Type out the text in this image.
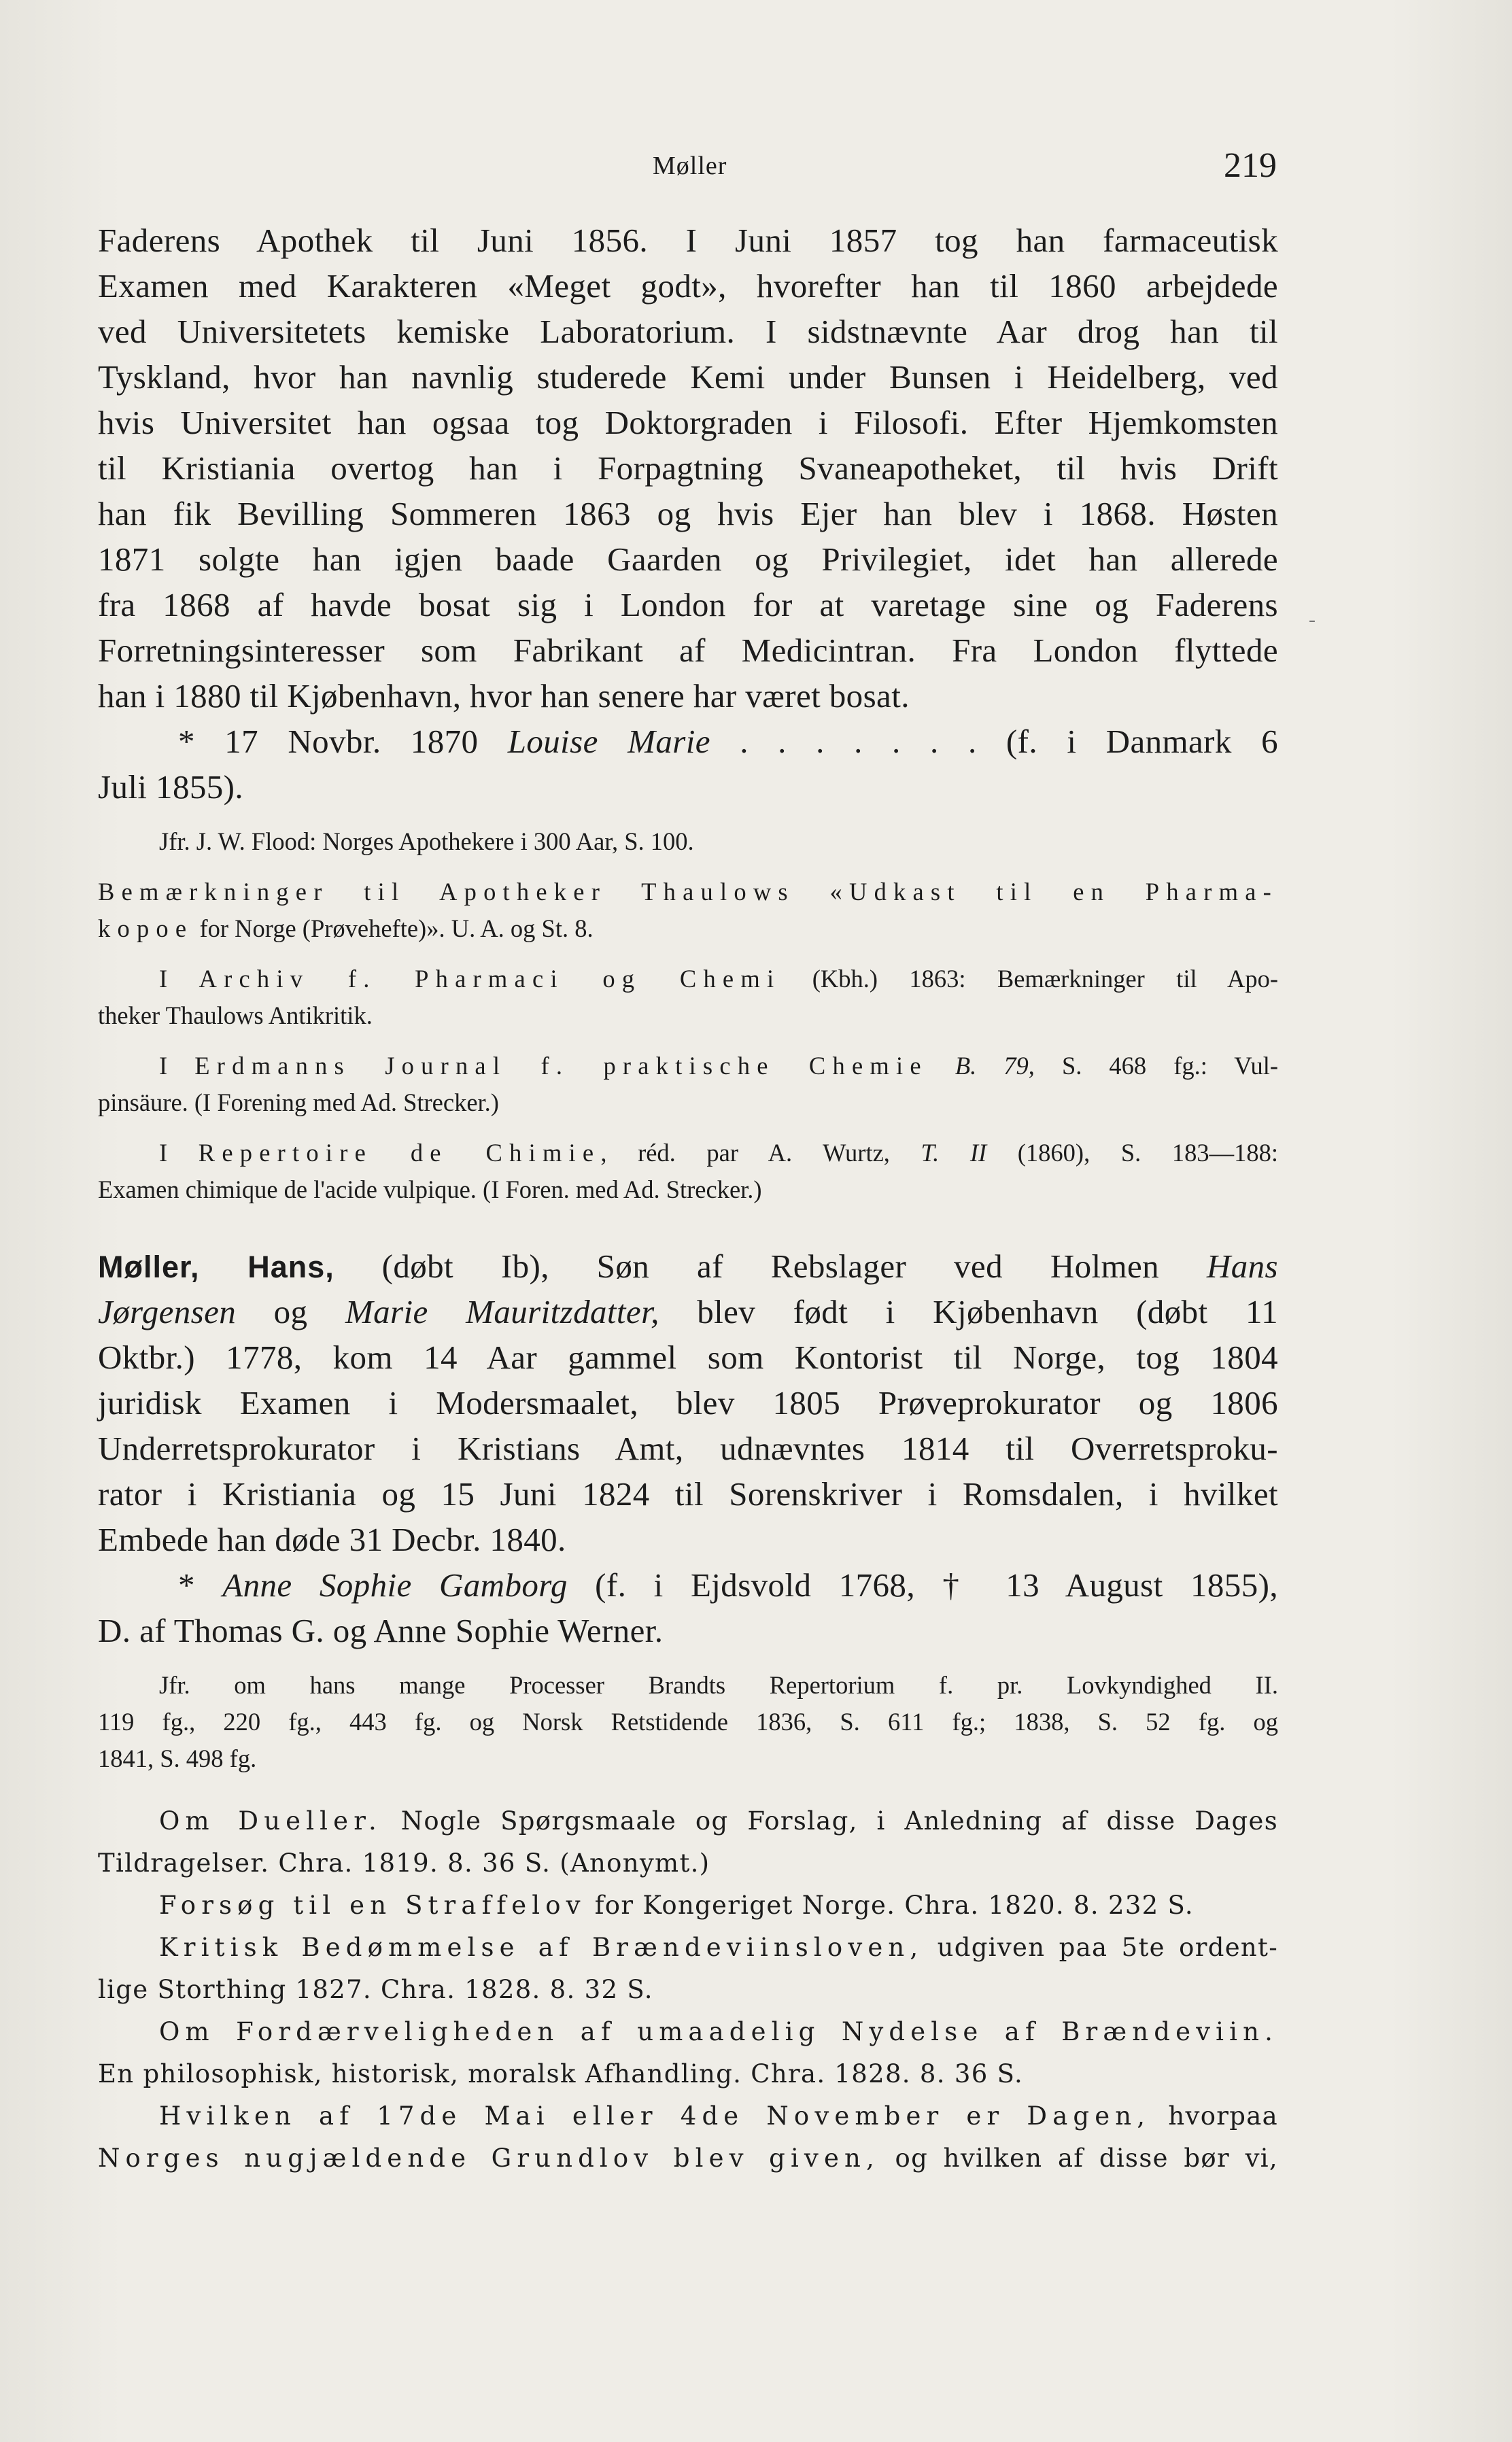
Møller	219
-
Faderens Apothek til Juni 1856. I Juni 1857 tog han farmaceutisk
Examen med Karakteren «Meget godt», hvorefter han til 1860 arbejdede
ved Universitetets kemiske Laboratorium. I sidstnævnte Aar drog han til
Tyskland, hvor han navnlig studerede Kemi under Bunsen i Heidelberg, ved
hvis Universitet han ogsaa tog Doktorgraden i Filosofi. Efter Hjemkomsten
til Kristiania overtog han i Forpagtning Svaneapotheket, til hvis Drift
han fik Bevilling Sommeren 1863 og hvis Ejer han blev i 1868. Høsten
1871 solgte han igjen baade Gaarden og Privilegiet, idet han allerede
fra 1868 af havde bosat sig i London for at varetage sine og Faderens
Forretningsinteresser som Fabrikant af Medicintran. Fra London flyttede
han i 1880 til Kjøbenhavn, hvor han senere har været bosat.
* 17 Novbr. 1870 Louise Marie . . . . . . . (f. i Danmark 6
Juli 1855).
Jfr. J. W. Flood: Norges Apothekere i 300 Aar, S. 100.
Bemærkninger til Apotheker Thaulows «Udkast til en Pharma-
kopoe for Norge (Prøvehefte)». U. A. og St. 8.
I Archiv f. Pharmaci og Chemi (Kbh.) 1863: Bemærkninger til Apo-
theker Thaulows Antikritik.
I Erdmanns Journal f. praktische Chemie B. 79, S. 468 fg.: Vul-
pinsäure. (I Forening med Ad. Strecker.)
I Repertoire de Chimie, réd. par A. Wurtz, T. II (1860), S. 183—188:
Examen chimique de l'acide vulpique. (I Foren. med Ad. Strecker.)
Møller, Hans, (døbt Ib), Søn af Rebslager ved Holmen Hans
Jørgensen og Marie Mauritzdatter, blev født i Kjøbenhavn (døbt 11
Oktbr.) 1778, kom 14 Aar gammel som Kontorist til Norge, tog 1804
juridisk Examen i Modersmaalet, blev 1805 Prøveprokurator og 1806
Underretsprokurator i Kristians Amt, udnævntes 1814 til Overretsproku-
rator i Kristiania og 15 Juni 1824 til Sorenskriver i Romsdalen, i hvilket
Embede han døde 31 Decbr. 1840.
* Anne Sophie Gamborg (f. i Ejdsvold 1768, † 13 August 1855),
D. af Thomas G. og Anne Sophie Werner.
Jfr. om hans mange Processer Brandts Repertorium f. pr. Lovkyndighed II.
119 fg., 220 fg., 443 fg. og Norsk Retstidende 1836, S. 611 fg.; 1838, S. 52 fg. og
1841, S. 498 fg.
Om Dueller. Nogle Spørgsmaale og Forslag, i Anledning af disse Dages
Tildragelser. Chra. 1819. 8. 36 S. (Anonymt.)
Forsøg til en Straffelov for Kongeriget Norge. Chra. 1820. 8. 232 S.
Kritisk Bedømmelse af Brændeviinsloven, udgiven paa 5te ordent-
lige Storthing 1827. Chra. 1828. 8. 32 S.
Om Fordærveligheden af umaadelig Nydelse af Brændeviin.
En philosophisk, historisk, moralsk Afhandling. Chra. 1828. 8. 36 S.
Hvilken af 17de Mai eller 4de November er Dagen, hvorpaa
Norges nugjældende Grundlov blev given, og hvilken af disse bør vi,
